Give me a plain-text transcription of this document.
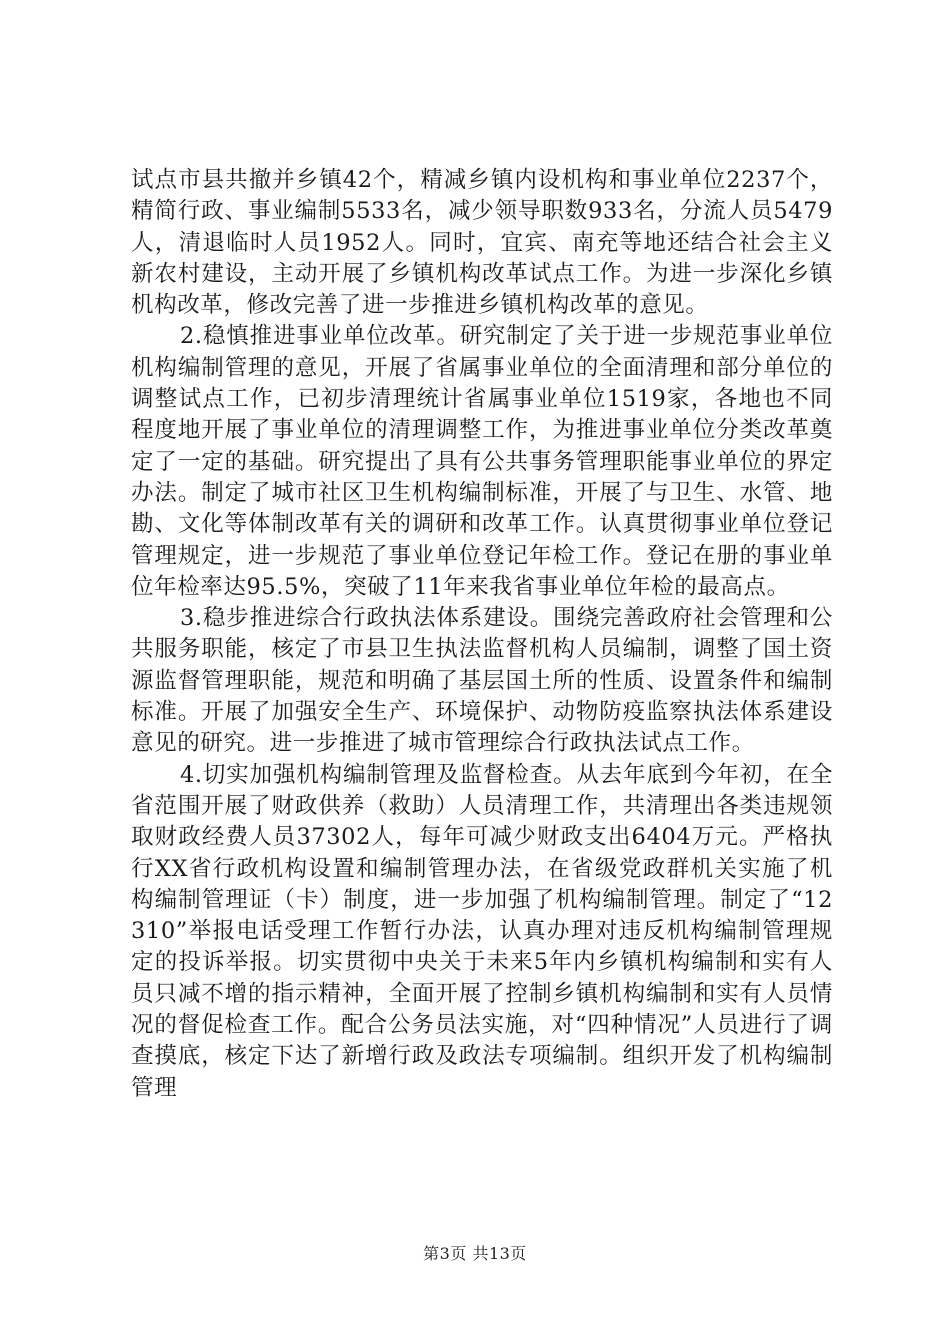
试点市县共撤并乡镇42个，精减乡镇内设机构和事业单位2237个，精简行政、事业编制5533名，减少领导职数933名，分流人员5479人，清退临时人员1952人。同时，宜宾、南充等地还结合社会主义新农村建设，主动开展了乡镇机构改革试点工作。为进一步深化乡镇机构改革，修改完善了进一步推进乡镇机构改革的意见。

2.稳慎推进事业单位改革。研究制定了关于进一步规范事业单位机构编制管理的意见，开展了省属事业单位的全面清理和部分单位的调整试点工作，已初步清理统计省属事业单位1519家，各地也不同程度地开展了事业单位的清理调整工作，为推进事业单位分类改革奠定了一定的基础。研究提出了具有公共事务管理职能事业单位的界定办法。制定了城市社区卫生机构编制标准，开展了与卫生、水管、地勘、文化等体制改革有关的调研和改革工作。认真贯彻事业单位登记管理规定，进一步规范了事业单位登记年检工作。登记在册的事业单位年检率达95.5%，突破了11年来我省事业单位年检的最高点。

3.稳步推进综合行政执法体系建设。围绕完善政府社会管理和公共服务职能，核定了市县卫生执法监督机构人员编制，调整了国土资源监督管理职能，规范和明确了基层国土所的性质、设置条件和编制标准。开展了加强安全生产、环境保护、动物防疫监察执法体系建设意见的研究。进一步推进了城市管理综合行政执法试点工作。

4.切实加强机构编制管理及监督检查。从去年底到今年初，在全省范围开展了财政供养（救助）人员清理工作，共清理出各类违规领取财政经费人员37302人，每年可减少财政支出6404万元。严格执行XX省行政机构设置和编制管理办法，在省级党政群机关实施了机构编制管理证（卡）制度，进一步加强了机构编制管理。制定了“12310”举报电话受理工作暂行办法，认真办理对违反机构编制管理规定的投诉举报。切实贯彻中央关于未来5年内乡镇机构编制和实有人员只减不增的指示精神，全面开展了控制乡镇机构编制和实有人员情况的督促检查工作。配合公务员法实施，对“四种情况”人员进行了调查摸底，核定下达了新增行政及政法专项编制。组织开发了机构编制管理

第3页 共13页
